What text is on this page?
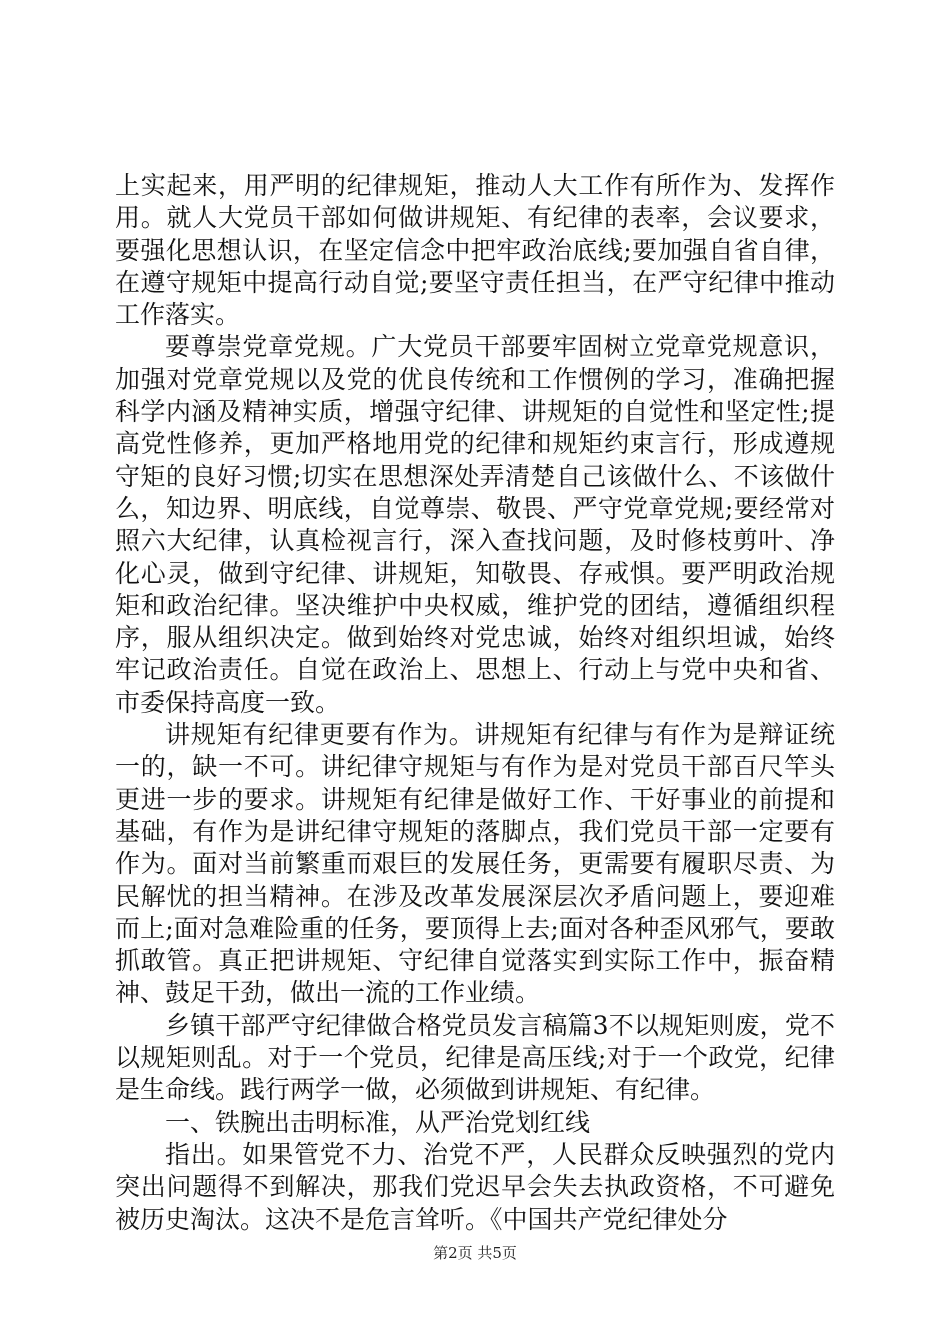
上实起来，用严明的纪律规矩，推动人大工作有所作为、发挥作用。就人大党员干部如何做讲规矩、有纪律的表率，会议要求，要强化思想认识，在坚定信念中把牢政治底线;要加强自省自律，在遵守规矩中提高行动自觉;要坚守责任担当，在严守纪律中推动工作落实。

要尊崇党章党规。广大党员干部要牢固树立党章党规意识，加强对党章党规以及党的优良传统和工作惯例的学习，准确把握科学内涵及精神实质，增强守纪律、讲规矩的自觉性和坚定性;提高党性修养，更加严格地用党的纪律和规矩约束言行，形成遵规守矩的良好习惯;切实在思想深处弄清楚自己该做什么、不该做什么，知边界、明底线，自觉尊崇、敬畏、严守党章党规;要经常对照六大纪律，认真检视言行，深入查找问题，及时修枝剪叶、净化心灵，做到守纪律、讲规矩，知敬畏、存戒惧。要严明政治规矩和政治纪律。坚决维护中央权威，维护党的团结，遵循组织程序，服从组织决定。做到始终对党忠诚，始终对组织坦诚，始终牢记政治责任。自觉在政治上、思想上、行动上与党中央和省、市委保持高度一致。

讲规矩有纪律更要有作为。讲规矩有纪律与有作为是辩证统一的，缺一不可。讲纪律守规矩与有作为是对党员干部百尺竿头更进一步的要求。讲规矩有纪律是做好工作、干好事业的前提和基础，有作为是讲纪律守规矩的落脚点，我们党员干部一定要有作为。面对当前繁重而艰巨的发展任务，更需要有履职尽责、为民解忧的担当精神。在涉及改革发展深层次矛盾问题上，要迎难而上;面对急难险重的任务，要顶得上去;面对各种歪风邪气，要敢抓敢管。真正把讲规矩、守纪律自觉落实到实际工作中，振奋精神、鼓足干劲，做出一流的工作业绩。

乡镇干部严守纪律做合格党员发言稿篇3不以规矩则废，党不以规矩则乱。对于一个党员，纪律是高压线;对于一个政党，纪律是生命线。践行两学一做，必须做到讲规矩、有纪律。

一、铁腕出击明标准，从严治党划红线

指出。如果管党不力、治党不严，人民群众反映强烈的党内突出问题得不到解决，那我们党迟早会失去执政资格，不可避免被历史淘汰。这决不是危言耸听。《中国共产党纪律处分

第2页 共5页
